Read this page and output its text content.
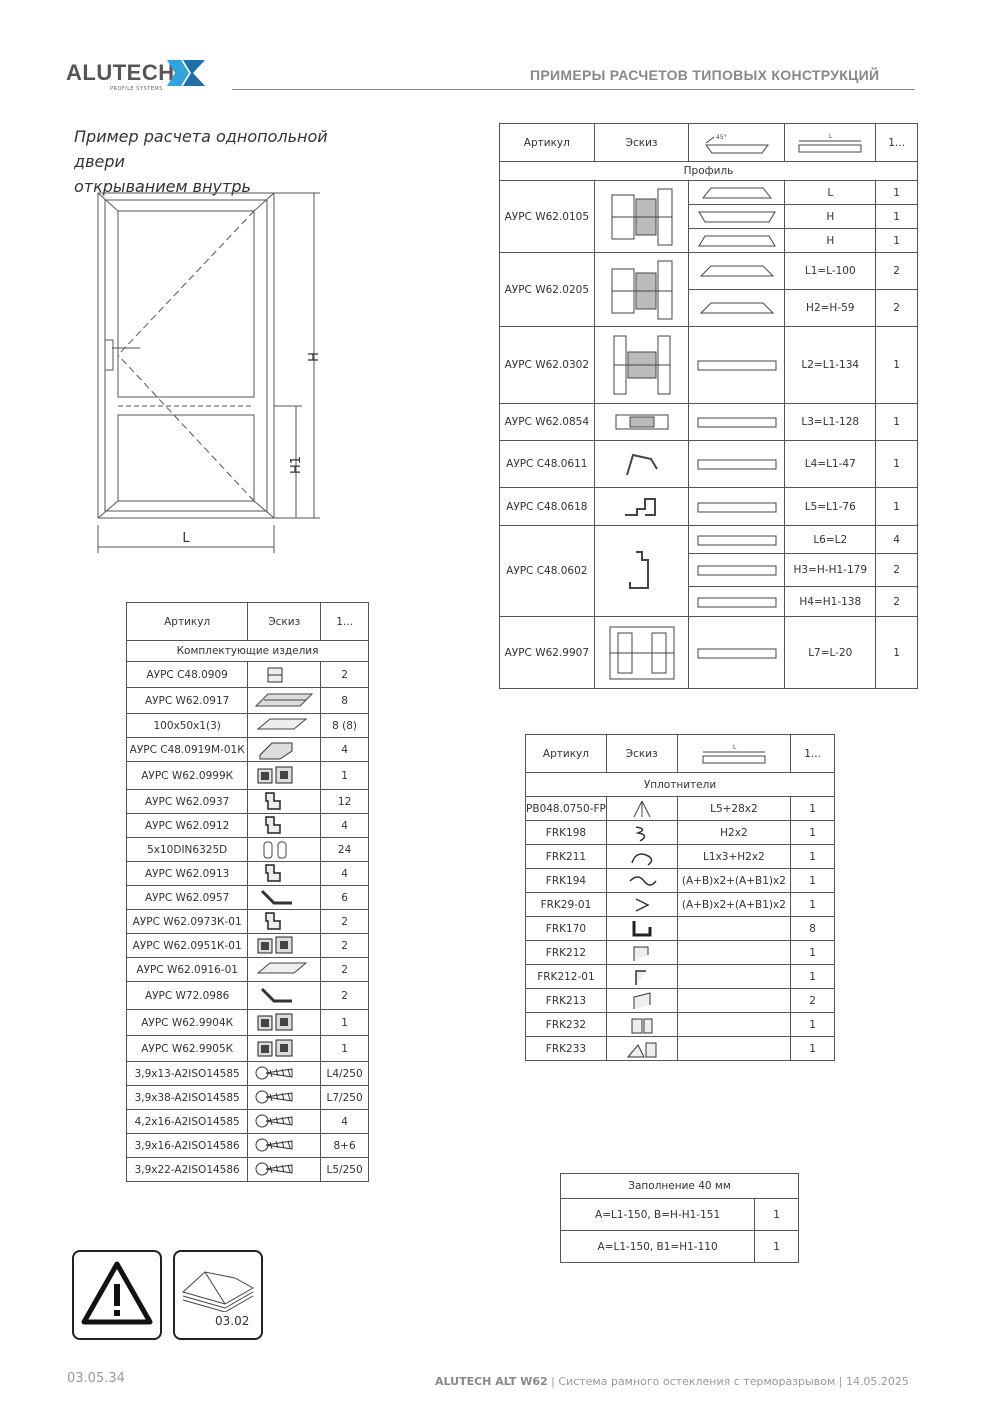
ALUTECH
PROFILE SYSTEMS
ПРИМЕРЫ РАСЧЕТОВ ТИПОВЫХ КОНСТРУКЦИЙ
Пример расчета однопольной двери
открыванием внутрь
H
H1
L
Артикул	Эскиз	45°	L	1...
Профиль				
АУРС W62.0105			L	1

	H	1

	H	1
АУРС W62.0205			L1=L-100	2

	H2=H-59	2
АУРС W62.0302			L2=L1-134	1
АУРС W62.0854			L3=L1-128	1
АУРС C48.0611			L4=L1-47	1
АУРС C48.0618			L5=L1-76	1
АУРС C48.0602			L6=L2	4

	H3=H-H1-179	2

	H4=H1-138	2
АУРС W62.9907			L7=L-20	1
Артикул	Эскиз	1...
Комплектующие изделия		
АУРС C48.0909		2
АУРС W62.0917		8
100x50x1(3)		8 (8)
АУРС C48.0919М-01К		4
АУРС W62.0999К		1
АУРС W62.0937		12
АУРС W62.0912		4
5x10DIN6325D		24
АУРС W62.0913		4
АУРС W62.0957		6
АУРС W62.0973К-01		2
АУРС W62.0951К-01		2
АУРС W62.0916-01		2
АУРС W72.0986		2
АУРС W62.9904К		1
АУРС W62.9905К		1
3,9x13-A2ISO14585		L4/250
3,9x38-A2ISO14585		L7/250
4,2x16-A2ISO14585		4
3,9x16-A2ISO14586		8+6
3,9x22-A2ISO14586		L5/250
Артикул	Эскиз	L	1...
Уплотнители			
PB048.0750-FP		L5+28x2	1
FRK198		H2x2	1
FRK211		L1x3+H2x2	1
FRK194		(A+B)x2+(A+B1)x2	1
FRK29-01		(A+B)x2+(A+B1)x2	1
FRK170			8
FRK212			1
FRK212-01			1
FRK213			2
FRK232			1
FRK233			1
Заполнение 40 мм	
A=L1-150, B=H-H1-151	1
A=L1-150, B1=H1-110	1
03.02
03.05.34	ALUTECH ALT W62 | Система рамного остекления с терморазрывом | 14.05.2025
